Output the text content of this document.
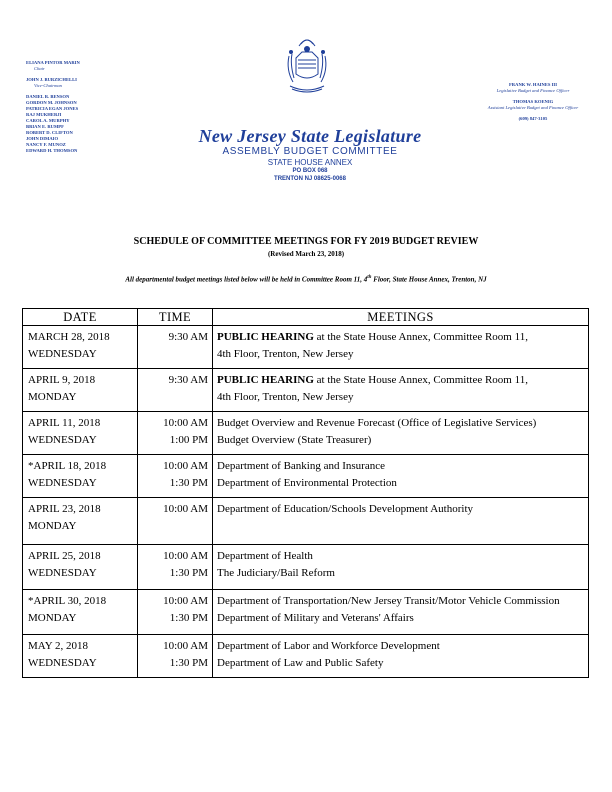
ELIANA PINTOR MARIN
Chair
JOHN J. BURZICHELLI
Vice-Chairman
DANIEL R. BENSON
GORDON M. JOHNSON
PATRICIA EGAN JONES
RAJ MUKHERJI
CAROL A. MURPHY
BRIAN E. RUMPF
ROBERT D. CLIFTON
JOHN DIMAIO
NANCY F. MUNOZ
EDWARD H. THOMSON
FRANK W. HAINES III
Legislative Budget and Finance Officer
THOMAS KOENIG
Assistant Legislative Budget and Finance Officer
(609) 847-3105
New Jersey State Legislature
ASSEMBLY BUDGET COMMITTEE
STATE HOUSE ANNEX
PO BOX 068
TRENTON NJ 08625-0068
SCHEDULE OF COMMITTEE MEETINGS FOR FY 2019 BUDGET REVIEW
(Revised March 23, 2018)
All departmental budget meetings listed below will be held in Committee Room 11, 4th Floor, State House Annex, Trenton, NJ
DATE	TIME	MEETINGS

MARCH 28, 2018
WEDNESDAY	9:30 AM	PUBLIC HEARING at the State House Annex, Committee Room 11,
4th Floor, Trenton, New Jersey

APRIL 9, 2018
MONDAY	9:30 AM	PUBLIC HEARING at the State House Annex, Committee Room 11,
4th Floor, Trenton, New Jersey

APRIL 11, 2018
WEDNESDAY	10:00 AM
1:00 PM	Budget Overview and Revenue Forecast (Office of Legislative Services)
Budget Overview (State Treasurer)

*APRIL 18, 2018
WEDNESDAY	10:00 AM
1:30 PM	Department of Banking and Insurance
Department of Environmental Protection

APRIL 23, 2018
MONDAY	10:00 AM	Department of Education/Schools Development Authority

APRIL 25, 2018
WEDNESDAY	10:00 AM
1:30 PM	Department of Health
The Judiciary/Bail Reform

*APRIL 30, 2018
MONDAY	10:00 AM
1:30 PM	Department of Transportation/New Jersey Transit/Motor Vehicle Commission
Department of Military and Veterans' Affairs

MAY 2, 2018
WEDNESDAY	10:00 AM
1:30 PM	Department of Labor and Workforce Development
Department of Law and Public Safety
